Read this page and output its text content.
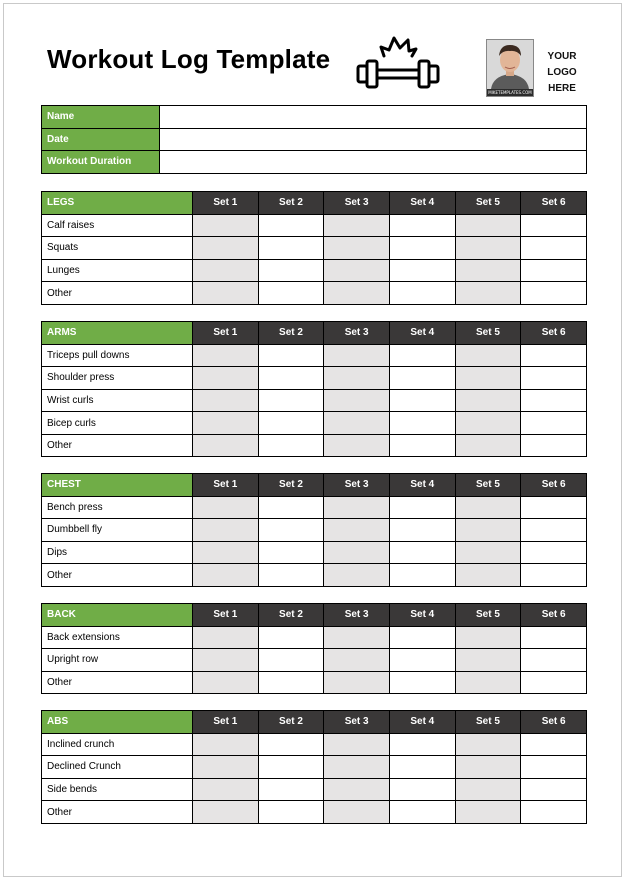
Workout Log Template
MIKETEMPLATES.COM
YOUR
LOGO
HERE
Name	
Date	
Workout Duration	
LEGS	Set 1	Set 2	Set 3	Set 4	Set 5	Set 6
Calf raises						
Squats						
Lunges						
Other						
ARMS	Set 1	Set 2	Set 3	Set 4	Set 5	Set 6
Triceps pull downs						
Shoulder press						
Wrist curls						
Bicep curls						
Other						
CHEST	Set 1	Set 2	Set 3	Set 4	Set 5	Set 6
Bench press						
Dumbbell fly						
Dips						
Other						
BACK	Set 1	Set 2	Set 3	Set 4	Set 5	Set 6
Back extensions						
Upright row						
Other						
ABS	Set 1	Set 2	Set 3	Set 4	Set 5	Set 6
Inclined crunch						
Declined Crunch						
Side bends						
Other						
